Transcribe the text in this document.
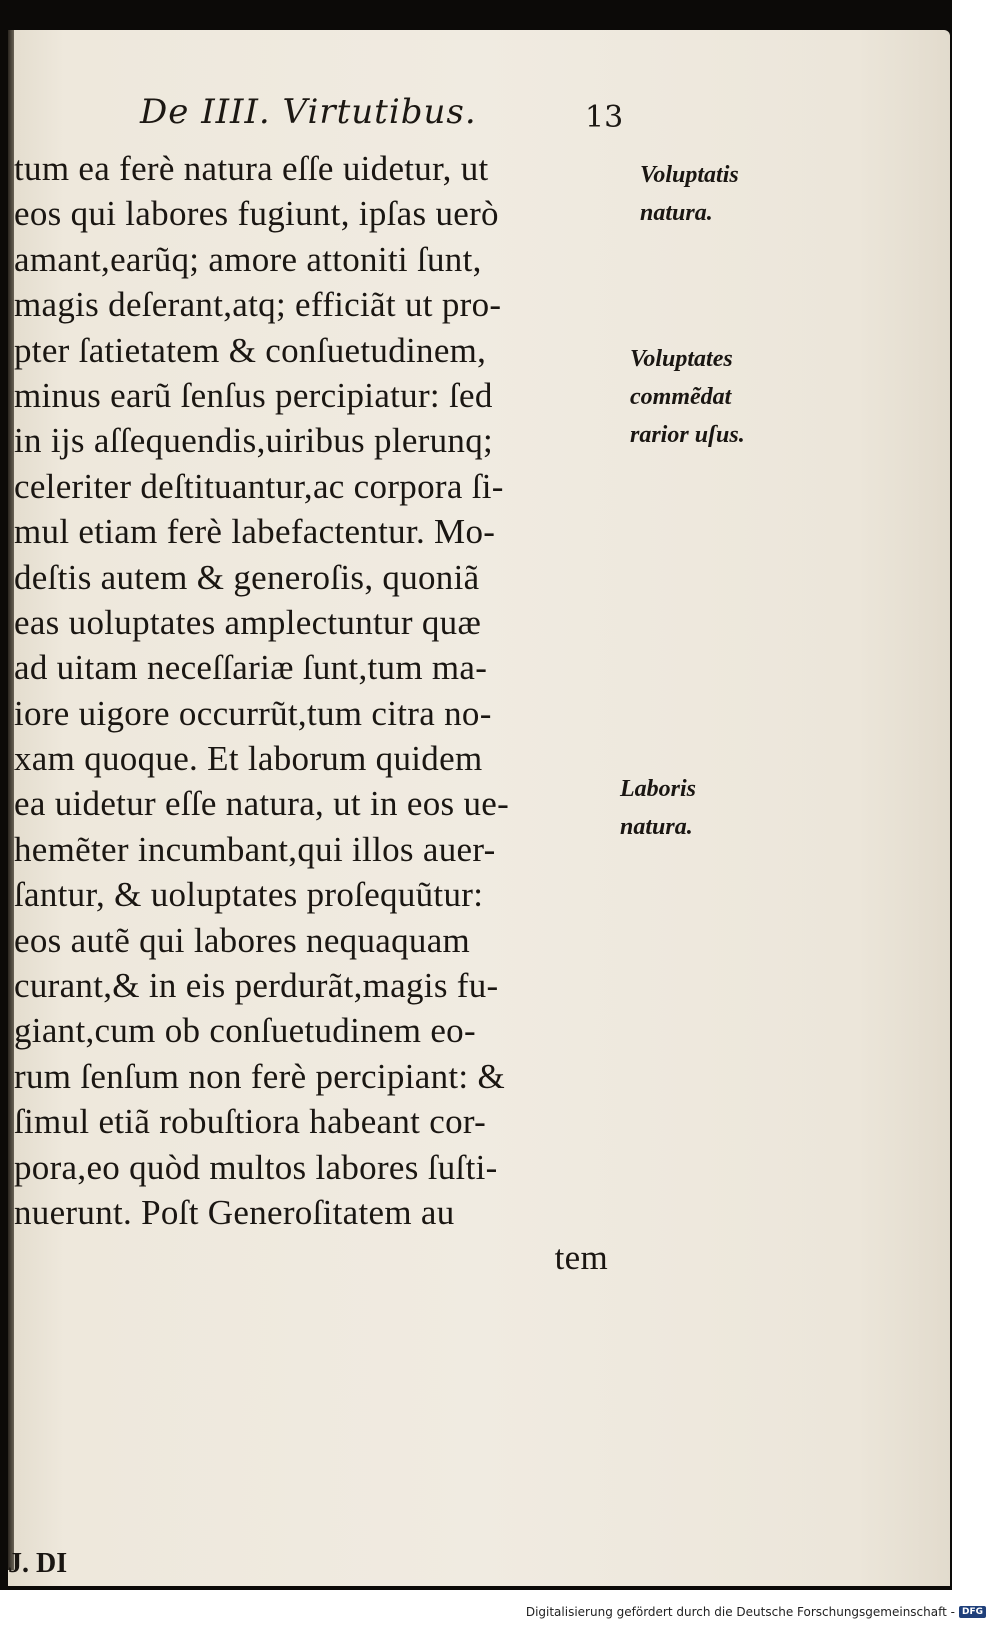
De IIII. Virtutibus.	13
tum ea ferè natura eſſe uidetur, ut
eos qui labores fugiunt, ipſas uerò
amant,earũq; amore attoniti ſunt,
magis deſerant,atq; efficiãt ut pro-
pter ſatietatem & conſuetudinem,
minus earũ ſenſus percipiatur: ſed
in ijs aſſequendis,uiribus plerunq;
celeriter deſtituantur,ac corpora ſi-
mul etiam ferè labefactentur. Mo-
deſtis autem & generoſis, quoniã
eas uoluptates amplectuntur quæ
ad uitam neceſſariæ ſunt,tum ma-
iore uigore occurrũt,tum citra no-
xam quoque. Et laborum quidem
ea uidetur eſſe natura, ut in eos ue-
hemẽter incumbant,qui illos auer-
ſantur, & uoluptates proſequũtur:
eos autẽ qui labores nequaquam
curant,& in eis perdurãt,magis fu-
giant,cum ob conſuetudinem eo-
rum ſenſum non ferè percipiant: &
ſimul etiã robuſtiora habeant cor-
pora,eo quòd multos labores ſuſti-
nuerunt. Poſt Generoſitatem au
tem
Voluptatis natura.
Voluptates commẽdat rarior uſus.
Laboris natura.
J. DI
Digitalisierung gefördert durch die Deutsche Forschungsgemeinschaft - DFG
